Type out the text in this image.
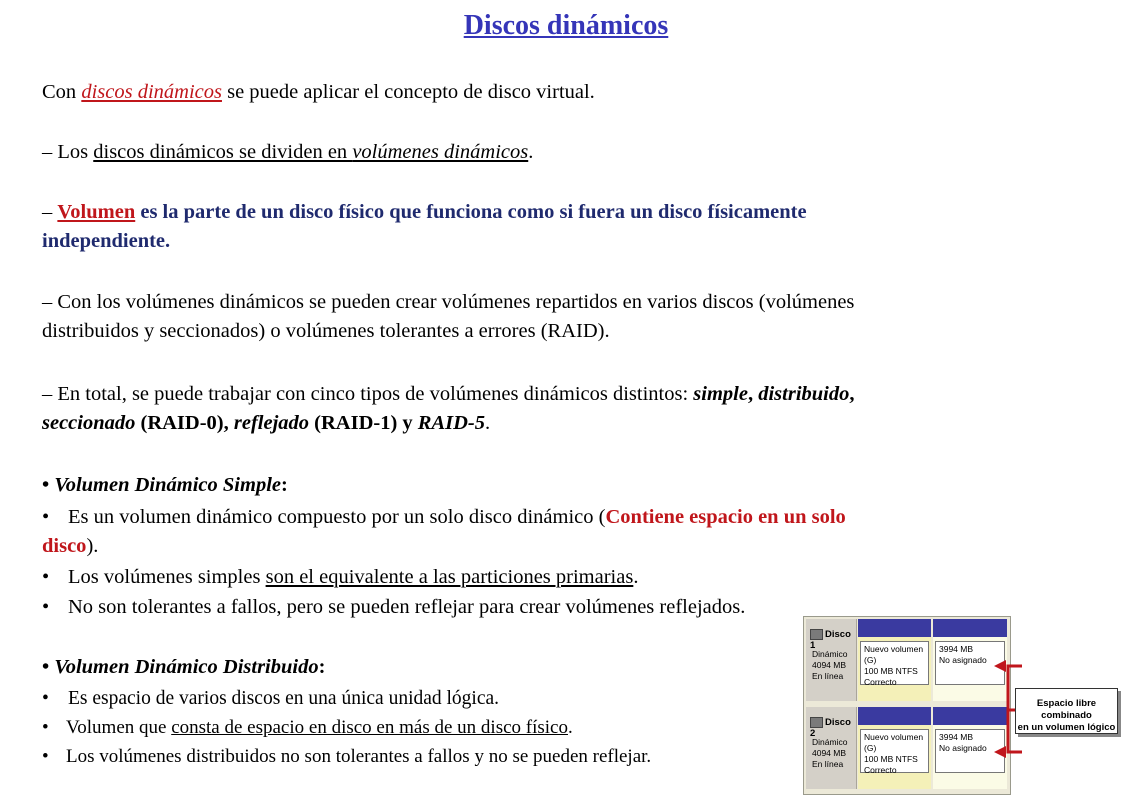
Discos dinámicos
Con discos dinámicos se puede aplicar el concepto de disco virtual.
– Los discos dinámicos se dividen en volúmenes dinámicos.
– Volumen es la parte de un disco físico que funciona como si fuera un disco físicamente
independiente.
– Con los volúmenes dinámicos se pueden crear volúmenes repartidos en varios discos (volúmenes
distribuidos y seccionados) o volúmenes tolerantes a errores (RAID).
– En total, se puede trabajar con cinco tipos de volúmenes dinámicos distintos: simple, distribuido,
seccionado (RAID-0), reflejado (RAID-1) y RAID-5.
• Volumen Dinámico Simple:
• Es un volumen dinámico compuesto por un solo disco dinámico (Contiene espacio en un solo
disco).
• Los volúmenes simples son el equivalente a las particiones primarias.
• No son tolerantes a fallos, pero se pueden reflejar para crear volúmenes reflejados.
• Volumen Dinámico Distribuido:
• Es espacio de varios discos en una única unidad lógica.
• Volumen que consta de espacio en disco en más de un disco físico.
• Los volúmenes distribuidos no son tolerantes a fallos y no se pueden reflejar.
Disco 1
Dinámico
4094 MB
En línea
Nuevo volumen (G)
100 MB NTFS
Correcto
3994 MB
No asignado
Disco 2
Dinámico
4094 MB
En línea
Nuevo volumen (G)
100 MB NTFS
Correcto
3994 MB
No asignado
Espacio libre combinado
en un volumen lógico
